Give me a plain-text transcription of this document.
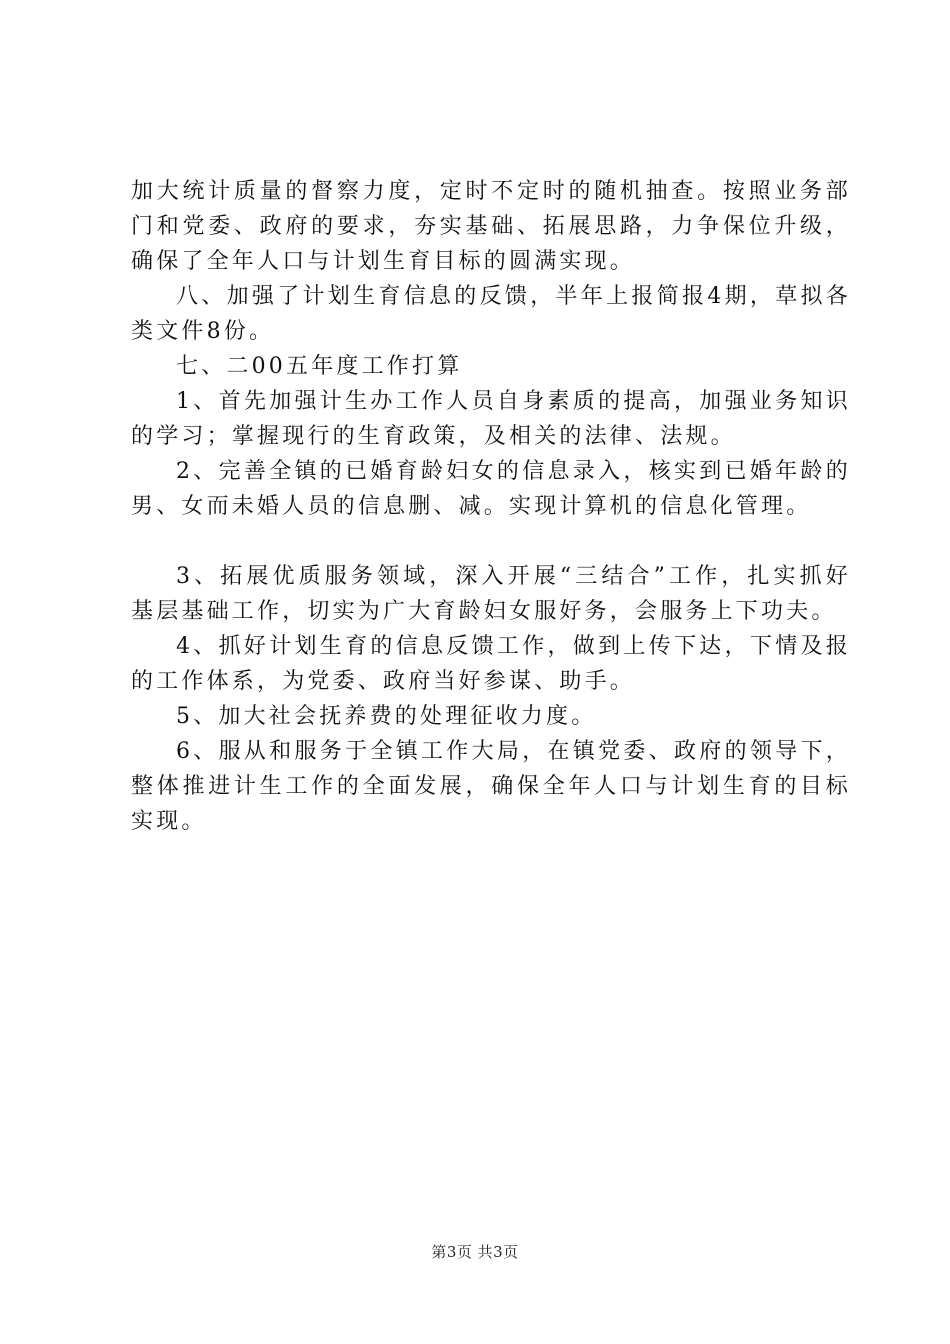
加大统计质量的督察力度，定时不定时的随机抽查。按照业务部门和党委、政府的要求，夯实基础、拓展思路，力争保位升级，确保了全年人口与计划生育目标的圆满实现。

八、加强了计划生育信息的反馈，半年上报简报4期，草拟各类文件8份。

七、二00五年度工作打算

1、首先加强计生办工作人员自身素质的提高，加强业务知识的学习；掌握现行的生育政策，及相关的法律、法规。

2、完善全镇的已婚育龄妇女的信息录入，核实到已婚年龄的男、女而未婚人员的信息删、减。实现计算机的信息化管理。

3、拓展优质服务领域，深入开展“三结合”工作，扎实抓好基层基础工作，切实为广大育龄妇女服好务，会服务上下功夫。

4、抓好计划生育的信息反馈工作，做到上传下达，下情及报的工作体系，为党委、政府当好参谋、助手。

5、加大社会抚养费的处理征收力度。

6、服从和服务于全镇工作大局，在镇党委、政府的领导下，整体推进计生工作的全面发展，确保全年人口与计划生育的目标实现。

第3页 共3页
